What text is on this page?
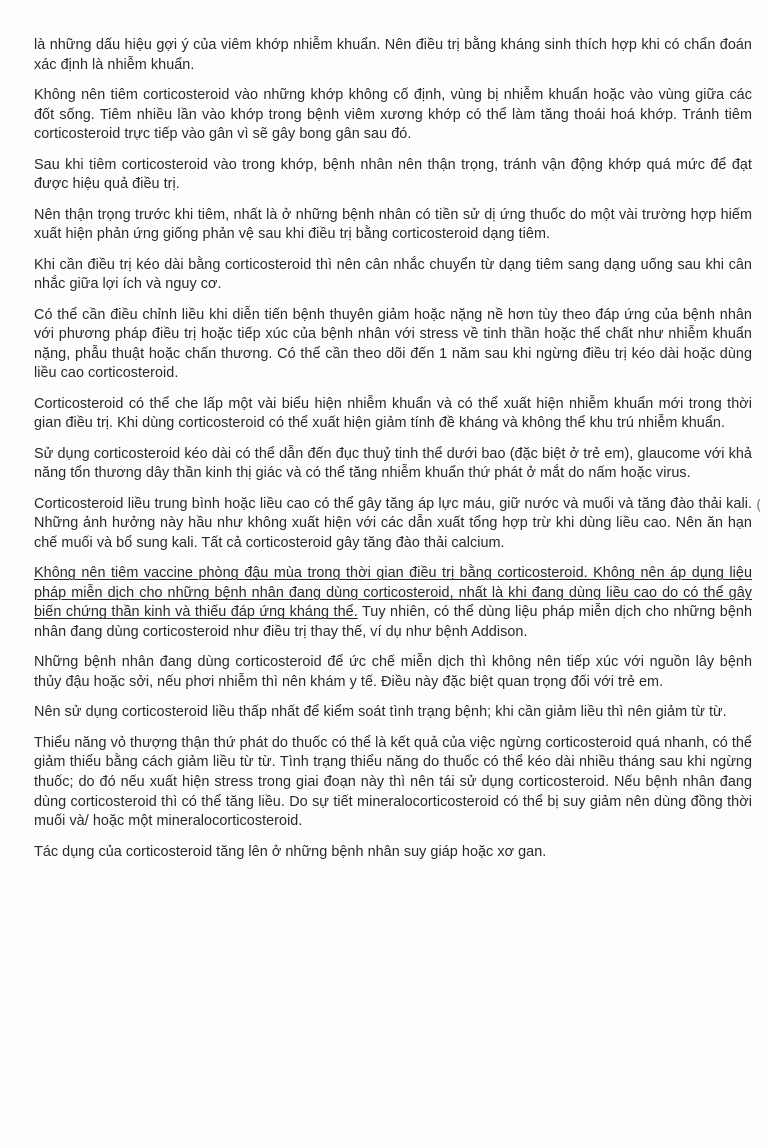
là những dấu hiệu gợi ý của viêm khớp nhiễm khuẩn. Nên điều trị bằng kháng sinh thích hợp khi có chẩn đoán xác định là nhiễm khuẩn.

Không nên tiêm corticosteroid vào những khớp không cố định, vùng bị nhiễm khuẩn hoặc vào vùng giữa các đốt sống. Tiêm nhiều lần vào khớp trong bệnh viêm xương khớp có thể làm tăng thoái hoá khớp. Tránh tiêm corticosteroid trực tiếp vào gân vì sẽ gây bong gân sau đó.

Sau khi tiêm corticosteroid vào trong khớp, bệnh nhân nên thận trọng, tránh vận động khớp quá mức để đạt được hiệu quả điều trị.

Nên thận trọng trước khi tiêm, nhất là ở những bệnh nhân có tiền sử dị ứng thuốc do một vài trường hợp hiếm xuất hiện phản ứng giống phản vệ sau khi điều trị bằng corticosteroid dạng tiêm.

Khi cần điều trị kéo dài bằng corticosteroid thì nên cân nhắc chuyển từ dạng tiêm sang dạng uống sau khi cân nhắc giữa lợi ích và nguy cơ.

Có thể cần điều chỉnh liều khi diễn tiến bệnh thuyên giảm hoặc nặng nề hơn tùy theo đáp ứng của bệnh nhân với phương pháp điều trị hoặc tiếp xúc của bệnh nhân với stress về tinh thần hoặc thể chất như nhiễm khuẩn nặng, phẫu thuật hoặc chấn thương. Có thể cần theo dõi đến 1 năm sau khi ngừng điều trị kéo dài hoặc dùng liều cao corticosteroid.

Corticosteroid có thể che lấp một vài biểu hiện nhiễm khuẩn và có thể xuất hiện nhiễm khuẩn mới trong thời gian điều trị. Khi dùng corticosteroid có thể xuất hiện giảm tính đề kháng và không thể khu trú nhiễm khuẩn.

Sử dụng corticosteroid kéo dài có thể dẫn đến đục thuỷ tinh thể dưới bao (đặc biệt ở trẻ em), glaucome với khả năng tổn thương dây thần kinh thị giác và có thể tăng nhiễm khuẩn thứ phát ở mắt do nấm hoặc virus.

Corticosteroid liều trung bình hoặc liều cao có thể gây tăng áp lực máu, giữ nước và muối và tăng đào thải kali. Những ảnh hưởng này hầu như không xuất hiện với các dẫn xuất tổng hợp trừ khi dùng liều cao. Nên ăn hạn chế muối và bổ sung kali. Tất cả corticosteroid gây tăng đào thải calcium.

Không nên tiêm vaccine phòng đậu mùa trong thời gian điều trị bằng corticosteroid. Không nên áp dụng liệu pháp miễn dịch cho những bệnh nhân đang dùng corticosteroid, nhất là khi đang dùng liều cao do có thể gây biến chứng thần kinh và thiếu đáp ứng kháng thể. Tuy nhiên, có thể dùng liệu pháp miễn dịch cho những bệnh nhân đang dùng corticosteroid như điều trị thay thế, ví dụ như bệnh Addison.

Những bệnh nhân đang dùng corticosteroid để ức chế miễn dịch thì không nên tiếp xúc với nguồn lây bệnh thủy đậu hoặc sởi, nếu phơi nhiễm thì nên khám y tế. Điều này đặc biệt quan trọng đối với trẻ em.

Nên sử dụng corticosteroid liều thấp nhất để kiểm soát tình trạng bệnh; khi cần giảm liều thì nên giảm từ từ.

Thiểu năng vỏ thượng thận thứ phát do thuốc có thể là kết quả của việc ngừng corticosteroid quá nhanh, có thể giảm thiểu bằng cách giảm liều từ từ. Tình trạng thiểu năng do thuốc có thể kéo dài nhiều tháng sau khi ngừng thuốc; do đó nếu xuất hiện stress trong giai đoạn này thì nên tái sử dụng corticosteroid. Nếu bệnh nhân đang dùng corticosteroid thì có thể tăng liều. Do sự tiết mineralocorticosteroid có thể bị suy giảm nên dùng đồng thời muối và/ hoặc một mineralocorticosteroid.

Tác dụng của corticosteroid tăng lên ở những bệnh nhân suy giáp hoặc xơ gan.

(
